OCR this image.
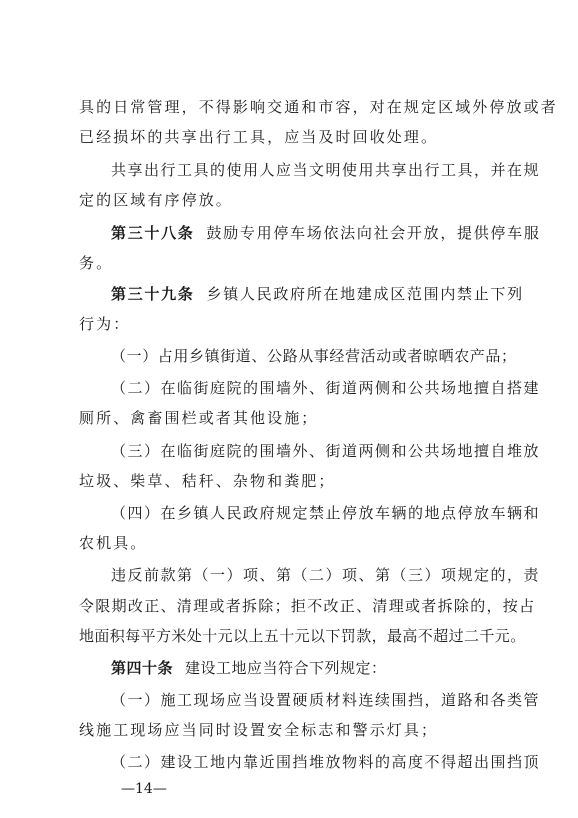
具的日常管理，不得影响交通和市容，对在规定区域外停放或者
已经损坏的共享出行工具，应当及时回收处理。
共享出行工具的使用人应当文明使用共享出行工具，并在规
定的区域有序停放。
第三十八条 鼓励专用停车场依法向社会开放，提供停车服
务。
第三十九条 乡镇人民政府所在地建成区范围内禁止下列
行为：
（一）占用乡镇街道、公路从事经营活动或者晾晒农产品；
（二）在临街庭院的围墙外、街道两侧和公共场地擅自搭建
厕所、禽畜围栏或者其他设施；
（三）在临街庭院的围墙外、街道两侧和公共场地擅自堆放
垃圾、柴草、秸秆、杂物和粪肥；
（四）在乡镇人民政府规定禁止停放车辆的地点停放车辆和
农机具。
违反前款第（一）项、第（二）项、第（三）项规定的，责
令限期改正、清理或者拆除；拒不改正、清理或者拆除的，按占
地面积每平方米处十元以上五十元以下罚款，最高不超过二千元。
第四十条 建设工地应当符合下列规定：
（一）施工现场应当设置硬质材料连续围挡，道路和各类管
线施工现场应当同时设置安全标志和警示灯具；
（二）建设工地内靠近围挡堆放物料的高度不得超出围挡顶
—14—
